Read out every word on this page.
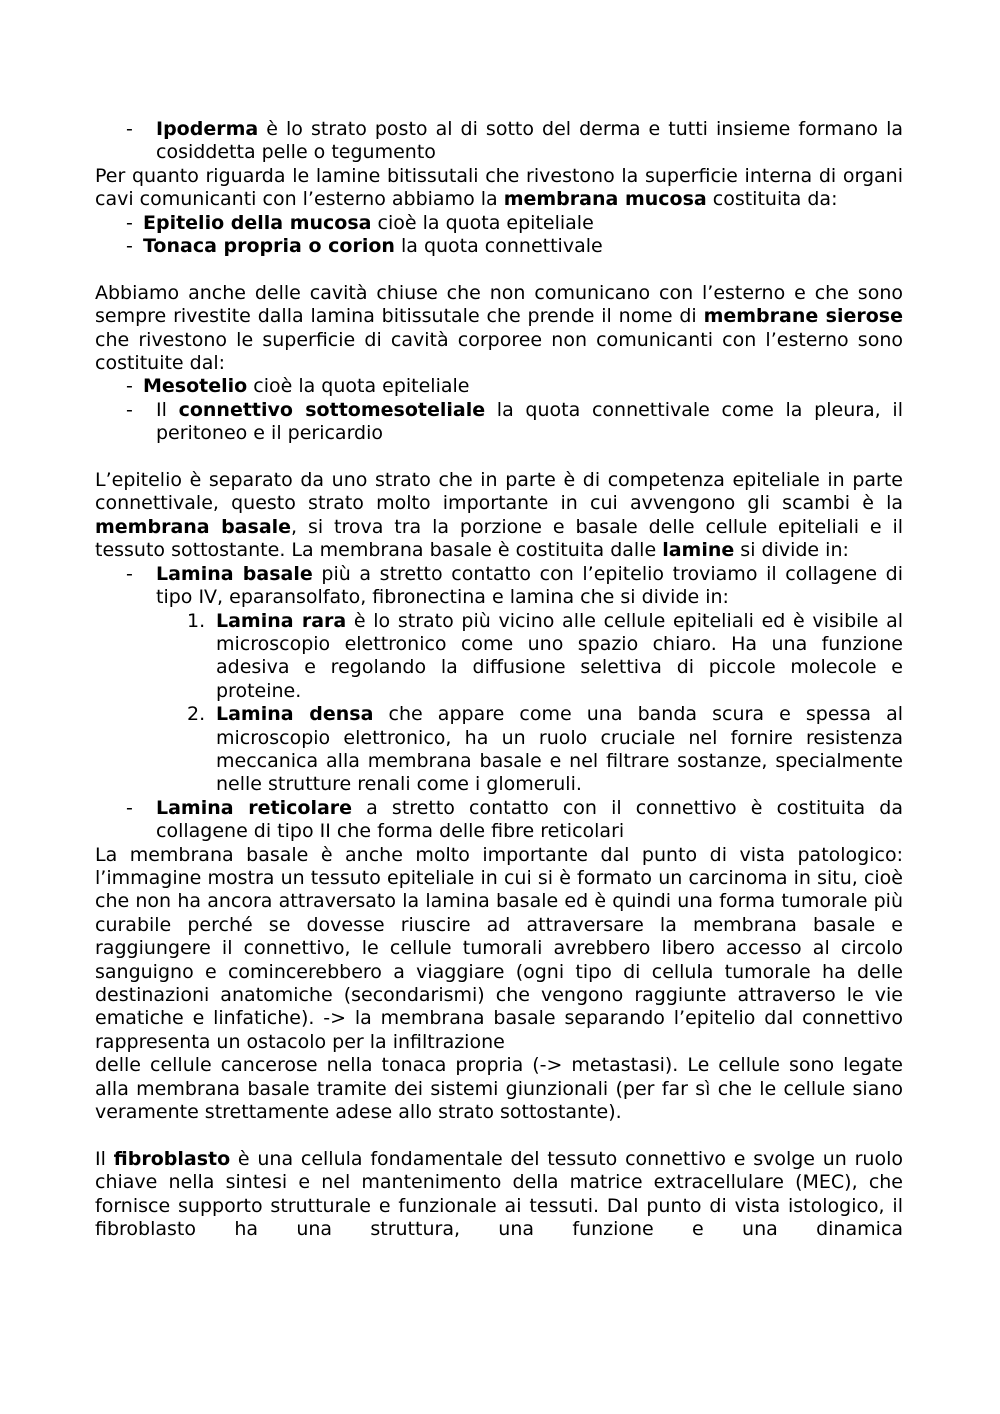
- Ipoderma è lo strato posto al di sotto del derma e tutti insieme formano la cosiddetta pelle o tegumento

Per quanto riguarda le lamine bitissutali che rivestono la superficie interna di organi cavi comunicanti con l’esterno abbiamo la membrana mucosa costituita da:

- Epitelio della mucosa cioè la quota epiteliale

- Tonaca propria o corion la quota connettivale

Abbiamo anche delle cavità chiuse che non comunicano con l’esterno e che sono sempre rivestite dalla lamina bitissutale che prende il nome di membrane sierose che rivestono le superficie di cavità corporee non comunicanti con l’esterno sono costituite dal:

- Mesotelio cioè la quota epiteliale

- Il connettivo sottomesoteliale la quota connettivale come la pleura, il peritoneo e il pericardio

L’epitelio è separato da uno strato che in parte è di competenza epiteliale in parte connettivale, questo strato molto importante in cui avvengono gli scambi è la membrana basale, si trova tra la porzione e basale delle cellule epiteliali e il tessuto sottostante. La membrana basale è costituita dalle lamine si divide in:

- Lamina basale più a stretto contatto con l’epitelio troviamo il collagene di tipo IV, eparansolfato, fibronectina e lamina che si divide in:

1. Lamina rara è lo strato più vicino alle cellule epiteliali ed è visibile al microscopio elettronico come uno spazio chiaro. Ha una funzione adesiva e regolando la diffusione selettiva di piccole molecole e proteine.

2. Lamina densa che appare come una banda scura e spessa al microscopio elettronico, ha un ruolo cruciale nel fornire resistenza meccanica alla membrana basale e nel filtrare sostanze, specialmente nelle strutture renali come i glomeruli.

- Lamina reticolare a stretto contatto con il connettivo è costituita da collagene di tipo II che forma delle fibre reticolari

La membrana basale è anche molto importante dal punto di vista patologico: l’immagine mostra un tessuto epiteliale in cui si è formato un carcinoma in situ, cioè che non ha ancora attraversato la lamina basale ed è quindi una forma tumorale più curabile perché se dovesse riuscire ad attraversare la membrana basale e raggiungere il connettivo, le cellule tumorali avrebbero libero accesso al circolo sanguigno e comincerebbero a viaggiare (ogni tipo di cellula tumorale ha delle destinazioni anatomiche (secondarismi) che vengono raggiunte attraverso le vie ematiche e linfatiche). -> la membrana basale separando l’epitelio dal connettivo rappresenta un ostacolo per la infiltrazione

delle cellule cancerose nella tonaca propria (-> metastasi). Le cellule sono legate alla membrana basale tramite dei sistemi giunzionali (per far sì che le cellule siano veramente strettamente adese allo strato sottostante).

Il fibroblasto è una cellula fondamentale del tessuto connettivo e svolge un ruolo chiave nella sintesi e nel mantenimento della matrice extracellulare (MEC), che fornisce supporto strutturale e funzionale ai tessuti. Dal punto di vista istologico, il fibroblasto ha una struttura, una funzione e una dinamica
